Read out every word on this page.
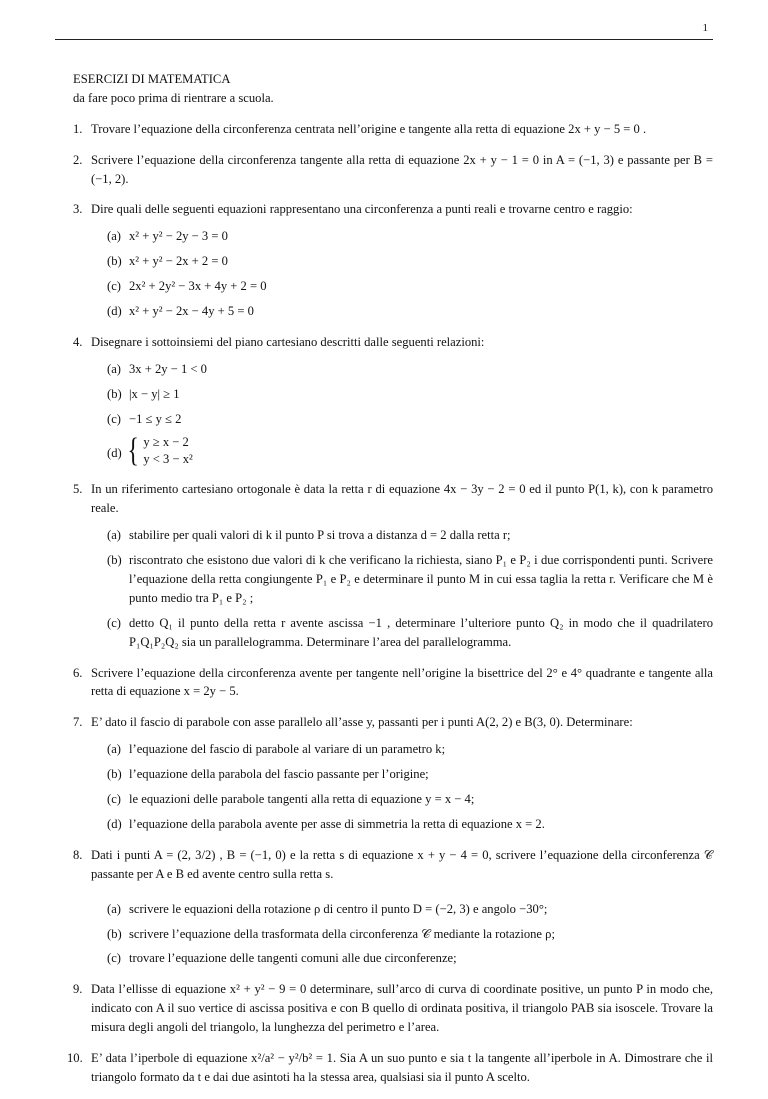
1

ESERCIZI DI MATEMATICA

da fare poco prima di rientrare a scuola.

1. Trovare l’equazione della circonferenza centrata nell’origine e tangente alla retta di equazione 2x + y − 5 = 0 .
2. Scrivere l’equazione della circonferenza tangente alla retta di equazione 2x + y − 1 = 0 in A = (−1, 3) e passante per B = (−1, 2).
3. Dire quali delle seguenti equazioni rappresentano una circonferenza a punti reali e trovarne centro e raggio:
(a) x² + y² − 2y − 3 = 0
(b) x² + y² − 2x + 2 = 0
(c) 2x² + 2y² − 3x + 4y + 2 = 0
(d) x² + y² − 2x − 4y + 5 = 0
4. Disegnare i sottoinsiemi del piano cartesiano descritti dalle seguenti relazioni:
(a) 3x + 2y − 1 < 0
(b) |x − y| ≥ 1
(c) −1 ≤ y ≤ 2
(d) { y ≥ x − 2
y < 3 − x²
5. In un riferimento cartesiano ortogonale è data la retta r di equazione 4x − 3y − 2 = 0 ed il punto P(1, k), con k parametro reale.
(a) stabilire per quali valori di k il punto P si trova a distanza d = 2 dalla retta r;
(b) riscontrato che esistono due valori di k che verificano la richiesta, siano P₁ e P₂ i due corrispondenti punti. Scrivere l’equazione della retta congiungente P₁ e P₂ e determinare il punto M in cui essa taglia la retta r. Verificare che M è punto medio tra P₁ e P₂ ;
(c) detto Q₁ il punto della retta r avente ascissa −1 , determinare l’ulteriore punto Q₂ in modo che il quadrilatero P₁Q₁P₂Q₂ sia un parallelogramma. Determinare l’area del parallelogramma.
6. Scrivere l’equazione della circonferenza avente per tangente nell’origine la bisettrice del 2° e 4° quadrante e tangente alla retta di equazione x = 2y − 5.
7. E’ dato il fascio di parabole con asse parallelo all’asse y, passanti per i punti A(2, 2) e B(3, 0). Determinare:
(a) l’equazione del fascio di parabole al variare di un parametro k;
(b) l’equazione della parabola del fascio passante per l’origine;
(c) le equazioni delle parabole tangenti alla retta di equazione y = x − 4;
(d) l’equazione della parabola avente per asse di simmetria la retta di equazione x = 2.
8. Dati i punti A = (2, 3/2) , B = (−1, 0) e la retta s di equazione x + y − 4 = 0, scrivere l’equazione della circonferenza 𝒞 passante per A e B ed avente centro sulla retta s.
(a) scrivere le equazioni della rotazione ρ di centro il punto D = (−2, 3) e angolo −30°;
(b) scrivere l’equazione della trasformata della circonferenza 𝒞 mediante la rotazione ρ;
(c) trovare l’equazione delle tangenti comuni alle due circonferenze;
9. Data l’ellisse di equazione x² + y² − 9 = 0 determinare, sull’arco di curva di coordinate positive, un punto P in modo che, indicato con A il suo vertice di ascissa positiva e con B quello di ordinata positiva, il triangolo PAB sia isoscele. Trovare la misura degli angoli del triangolo, la lunghezza del perimetro e l’area.
10. E’ data l’iperbole di equazione x²/a² − y²/b² = 1. Sia A un suo punto e sia t la tangente all’iperbole in A. Dimostrare che il triangolo formato da t e dai due asintoti ha la stessa area, qualsiasi sia il punto A scelto.
